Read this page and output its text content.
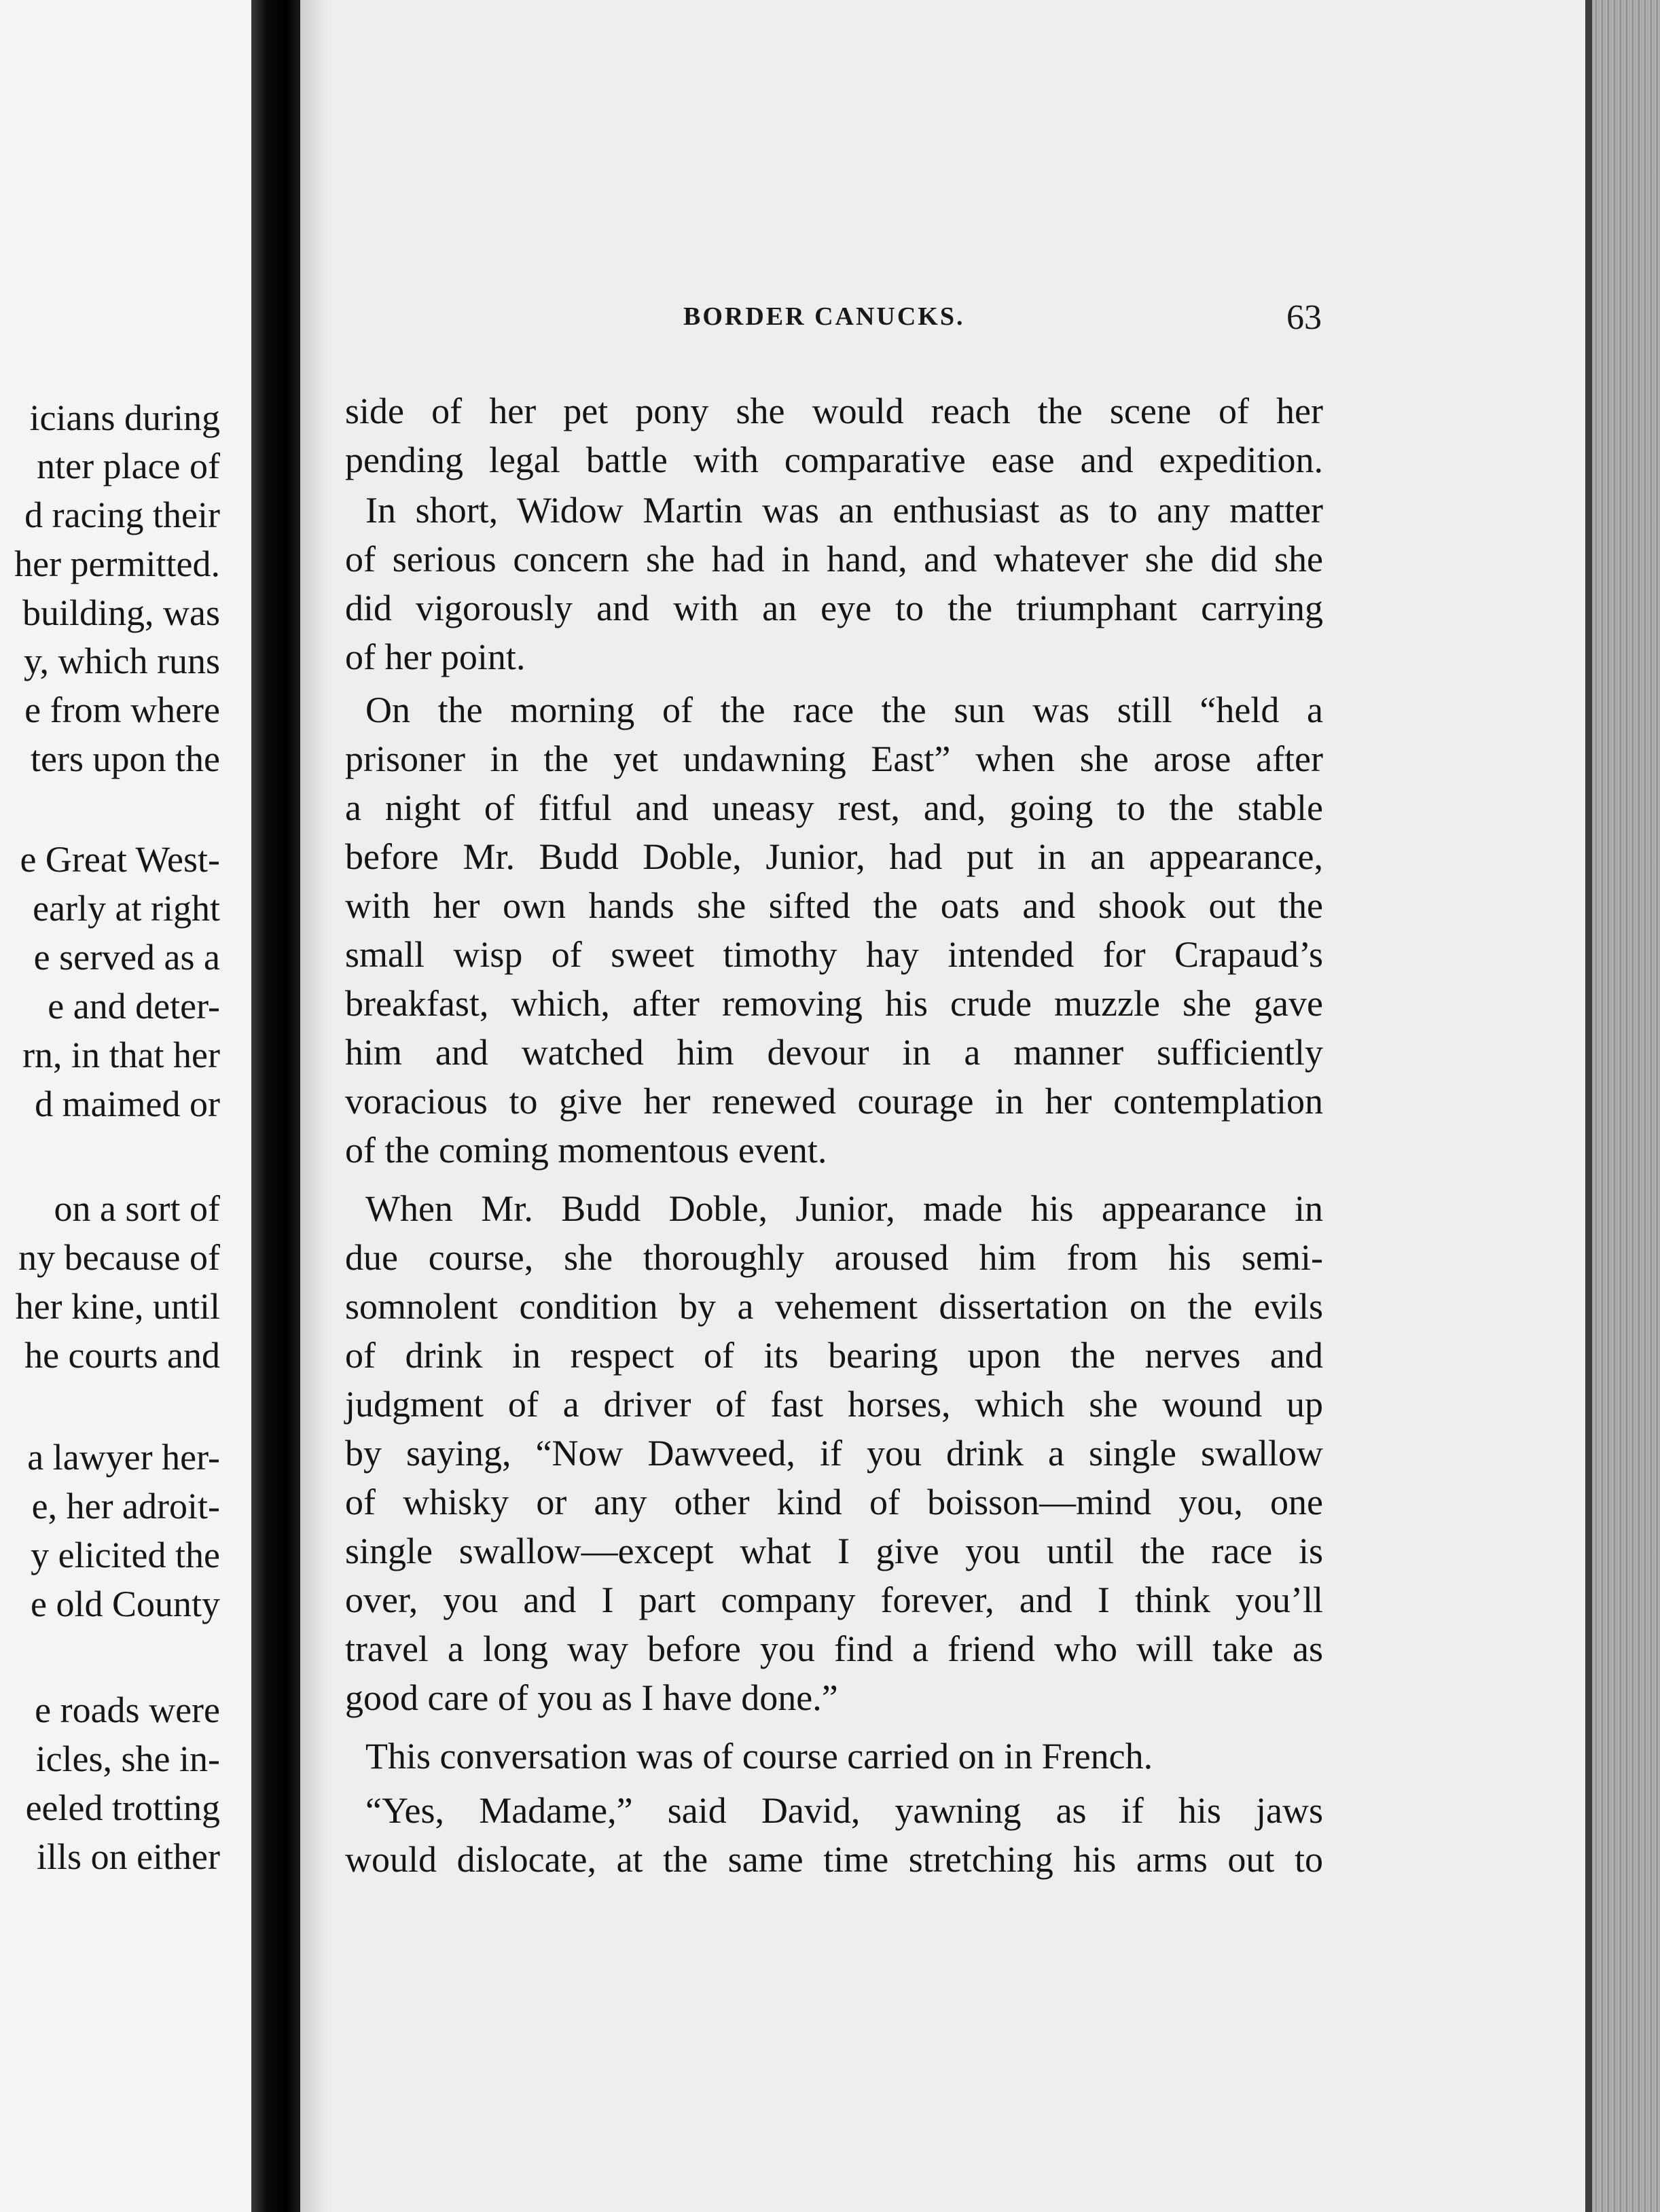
icians during
nter place of
d racing their
her permitted.
building, was
y, which runs
e from where
ters upon the
e Great West-
early at right
e served as a
e and deter-
rn, in that her
d maimed or
on a sort of
ny because of
her kine, until
he courts and
a lawyer her-
e, her adroit-
y elicited the
e old County
e roads were
icles, she in-
eeled trotting
ills on either
BORDER CANUCKS.	63
side of her pet pony she would reach the scene of her
pending legal battle with comparative ease and expedition.
In short, Widow Martin was an enthusiast as to any matter
of serious concern she had in hand, and whatever she did she
did vigorously and with an eye to the triumphant carrying
of her point.
On the morning of the race the sun was still “held a
prisoner in the yet undawning East” when she arose after
a night of fitful and uneasy rest, and, going to the stable
before Mr. Budd Doble, Junior, had put in an appearance,
with her own hands she sifted the oats and shook out the
small wisp of sweet timothy hay intended for Crapaud’s
breakfast, which, after removing his crude muzzle she gave
him and watched him devour in a manner sufficiently
voracious to give her renewed courage in her contemplation
of the coming momentous event.
When Mr. Budd Doble, Junior, made his appearance in
due course, she thoroughly aroused him from his semi-
somnolent condition by a vehement dissertation on the evils
of drink in respect of its bearing upon the nerves and
judgment of a driver of fast horses, which she wound up
by saying, “Now Dawveed, if you drink a single swallow
of whisky or any other kind of boisson—mind you, one
single swallow—except what I give you until the race is
over, you and I part company forever, and I think you’ll
travel a long way before you find a friend who will take as
good care of you as I have done.”
This conversation was of course carried on in French.
“Yes, Madame,” said David, yawning as if his jaws
would dislocate, at the same time stretching his arms out to
